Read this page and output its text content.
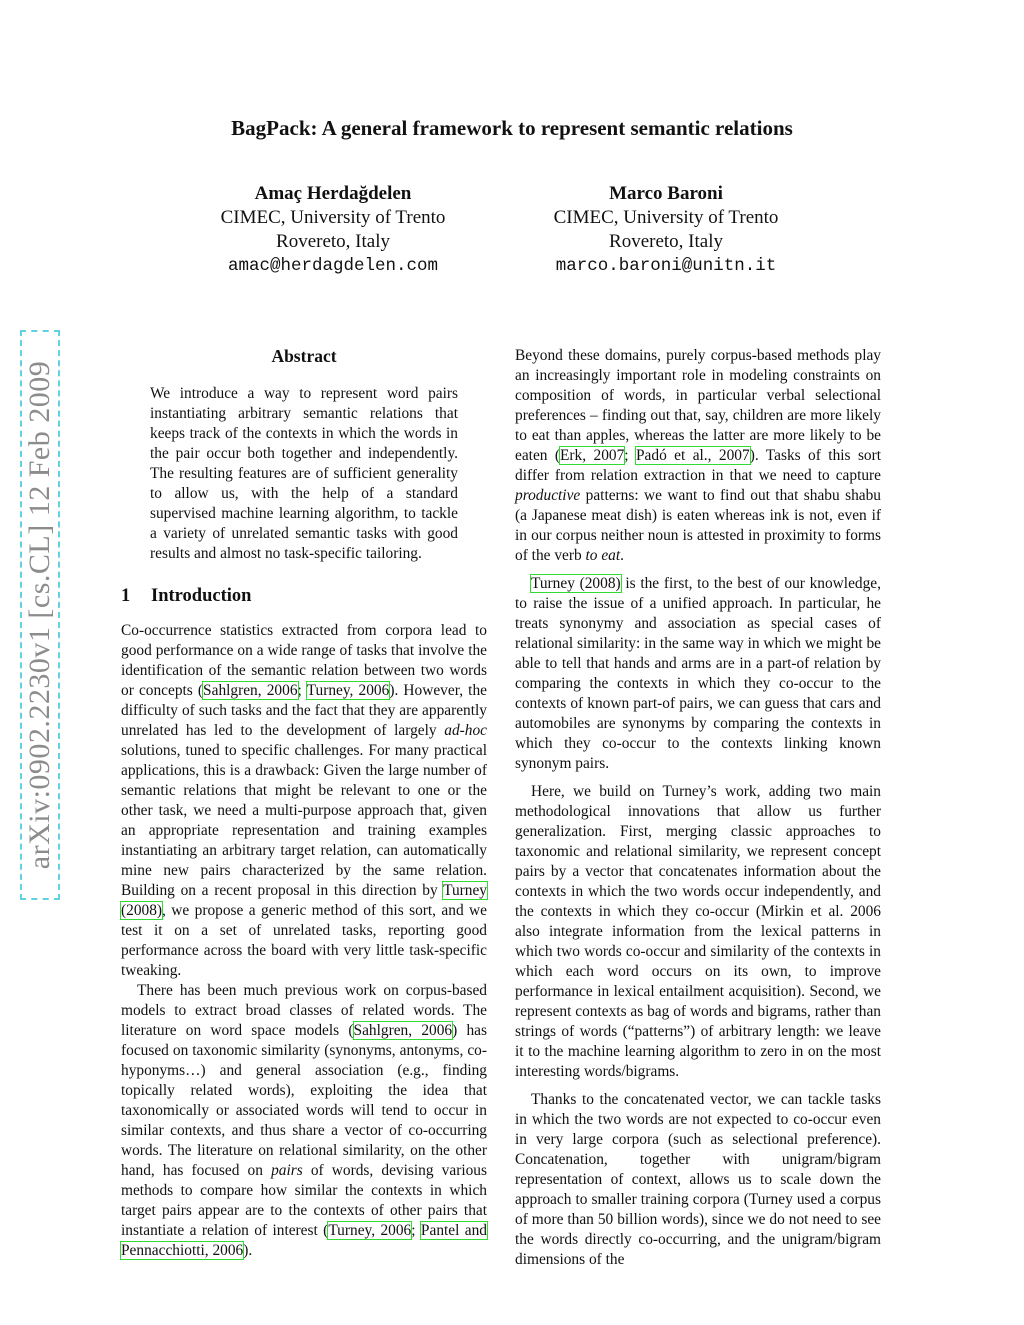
arXiv:0902.2230v1 [cs.CL] 12 Feb 2009
BagPack: A general framework to represent semantic relations
Amaç Herdağdelen
CIMEC, University of Trento
Rovereto, Italy
amac@herdagdelen.com
Marco Baroni
CIMEC, University of Trento
Rovereto, Italy
marco.baroni@unitn.it
Abstract
We introduce a way to represent word pairs instantiating arbitrary semantic relations that keeps track of the contexts in which the words in the pair occur both together and independently. The resulting features are of sufficient generality to allow us, with the help of a standard supervised machine learning algorithm, to tackle a variety of unrelated semantic tasks with good results and almost no task-specific tailoring.
1 Introduction

Co-occurrence statistics extracted from corpora lead to good performance on a wide range of tasks that involve the identification of the semantic relation between two words or concepts (Sahlgren, 2006; Turney, 2006). However, the difficulty of such tasks and the fact that they are apparently unrelated has led to the development of largely ad-hoc solutions, tuned to specific challenges. For many practical applications, this is a drawback: Given the large number of semantic relations that might be relevant to one or the other task, we need a multi-purpose approach that, given an appropriate representation and training examples instantiating an arbitrary target relation, can automatically mine new pairs characterized by the same relation. Building on a recent proposal in this direction by Turney (2008), we propose a generic method of this sort, and we test it on a set of unrelated tasks, reporting good performance across the board with very little task-specific tweaking.

There has been much previous work on corpus-based models to extract broad classes of related words. The literature on word space models (Sahlgren, 2006) has focused on taxonomic similarity (synonyms, antonyms, co-hyponyms…) and general association (e.g., finding topically related words), exploiting the idea that taxonomically or associated words will tend to occur in similar contexts, and thus share a vector of co-occurring words. The literature on relational similarity, on the other hand, has focused on pairs of words, devising various methods to compare how similar the contexts in which target pairs appear are to the contexts of other pairs that instantiate a relation of interest (Turney, 2006; Pantel and Pennacchiotti, 2006).

Beyond these domains, purely corpus-based methods play an increasingly important role in modeling constraints on composition of words, in particular verbal selectional preferences – finding out that, say, children are more likely to eat than apples, whereas the latter are more likely to be eaten (Erk, 2007; Padó et al., 2007). Tasks of this sort differ from relation extraction in that we need to capture productive patterns: we want to find out that shabu shabu (a Japanese meat dish) is eaten whereas ink is not, even if in our corpus neither noun is attested in proximity to forms of the verb to eat.

Turney (2008) is the first, to the best of our knowledge, to raise the issue of a unified approach. In particular, he treats synonymy and association as special cases of relational similarity: in the same way in which we might be able to tell that hands and arms are in a part-of relation by comparing the contexts in which they co-occur to the contexts of known part-of pairs, we can guess that cars and automobiles are synonyms by comparing the contexts in which they co-occur to the contexts linking known synonym pairs.

Here, we build on Turney’s work, adding two main methodological innovations that allow us further generalization. First, merging classic approaches to taxonomic and relational similarity, we represent concept pairs by a vector that concatenates information about the contexts in which the two words occur independently, and the contexts in which they co-occur (Mirkin et al. 2006 also integrate information from the lexical patterns in which two words co-occur and similarity of the contexts in which each word occurs on its own, to improve performance in lexical entailment acquisition). Second, we represent contexts as bag of words and bigrams, rather than strings of words (“patterns”) of arbitrary length: we leave it to the machine learning algorithm to zero in on the most interesting words/bigrams.

Thanks to the concatenated vector, we can tackle tasks in which the two words are not expected to co-occur even in very large corpora (such as selectional preference). Concatenation, together with unigram/bigram representation of context, allows us to scale down the approach to smaller training corpora (Turney used a corpus of more than 50 billion words), since we do not need to see the words directly co-occurring, and the unigram/bigram dimensions of the
